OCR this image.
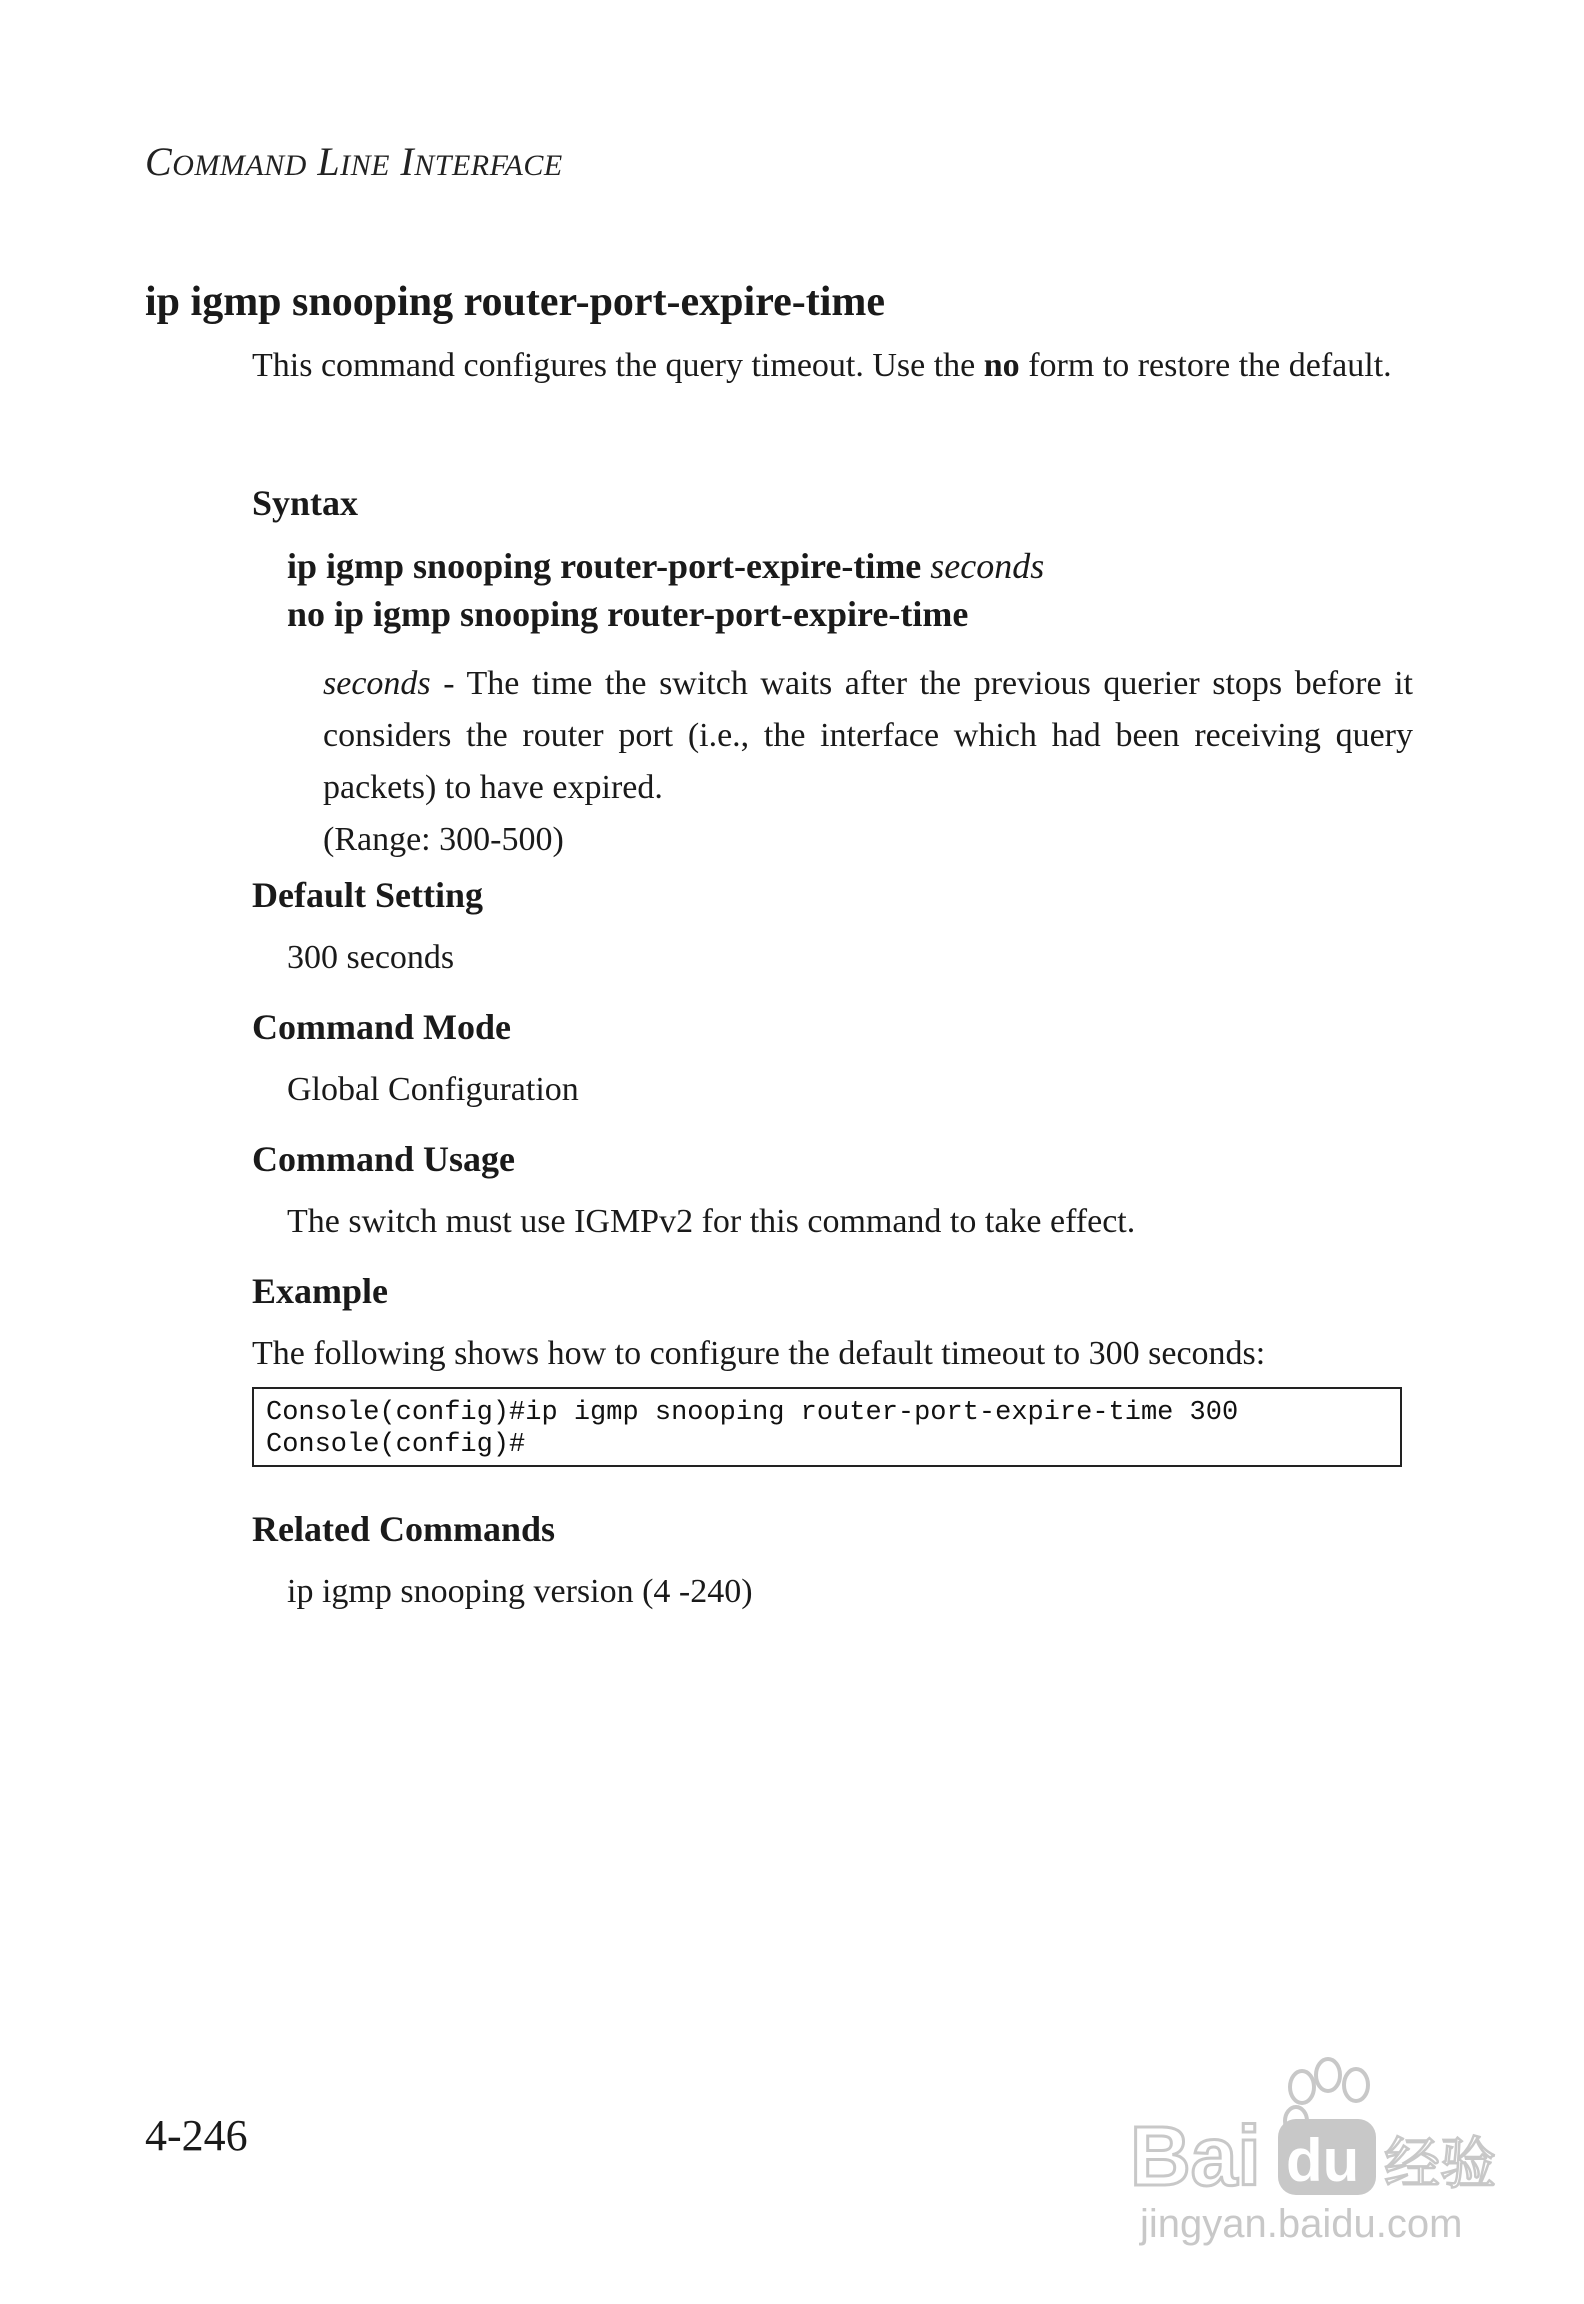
COMMAND LINE INTERFACE
ip igmp snooping router-port-expire-time
This command configures the query timeout. Use the no form to restore the default.
Syntax
ip igmp snooping router-port-expire-time seconds
no ip igmp snooping router-port-expire-time
seconds - The time the switch waits after the previous querier stops before it considers the router port (i.e., the interface which had been receiving query packets) to have expired.
(Range: 300-500)
Default Setting
300 seconds
Command Mode
Global Configuration
Command Usage
The switch must use IGMPv2 for this command to take effect.
Example
The following shows how to configure the default timeout to 300 seconds:
Console(config)#ip igmp snooping router-port-expire-time 300
Console(config)#
Related Commands
ip igmp snooping version (4 -240)
4-246	Bai du 经验
jingyan.baidu.com
